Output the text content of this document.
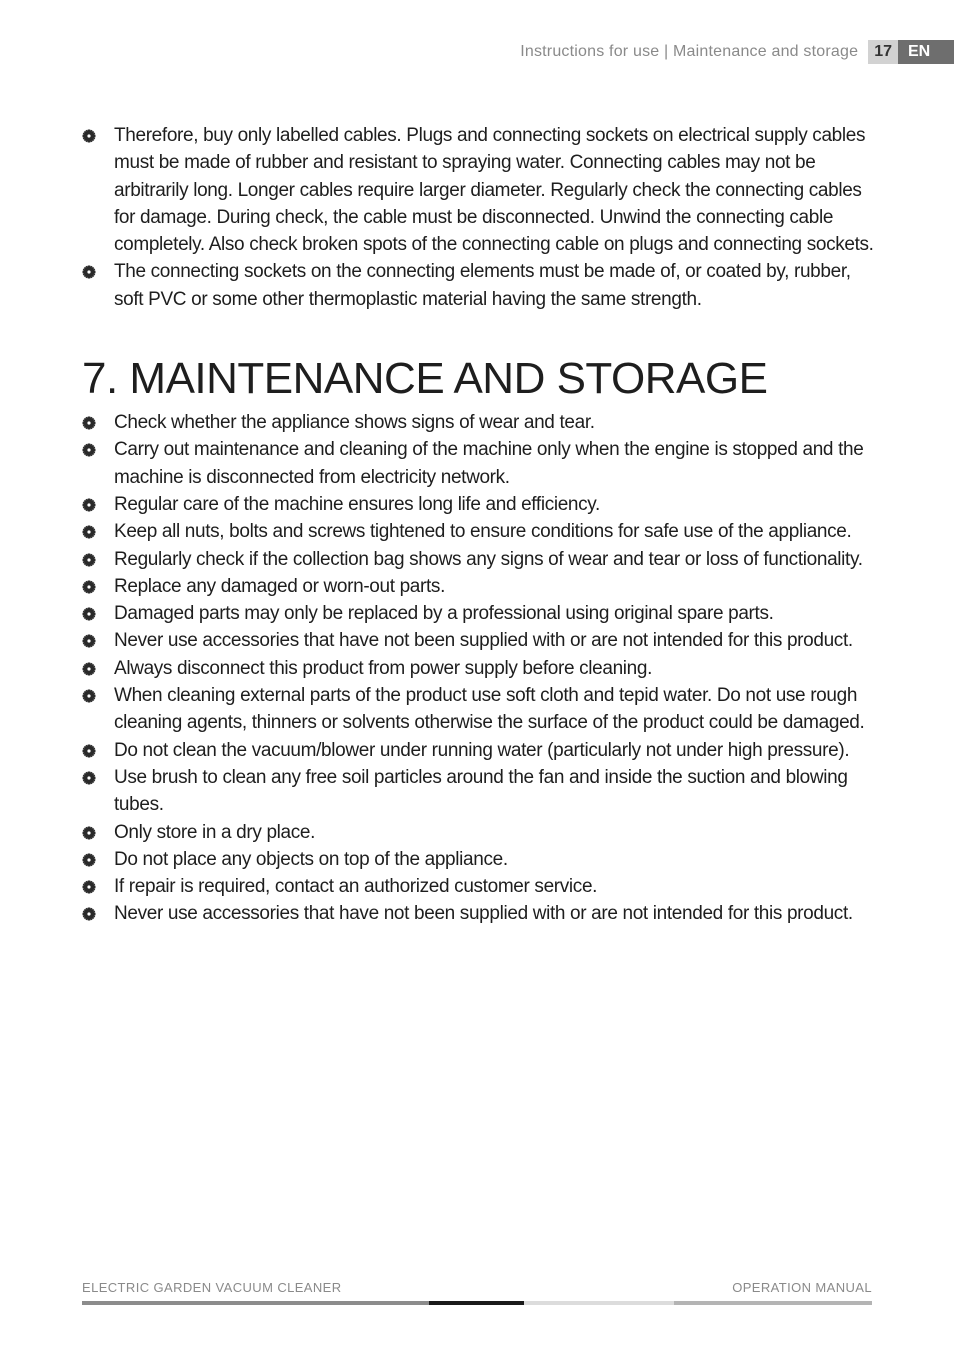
Instructions for use | Maintenance and storage	17	EN
Therefore, buy only labelled cables. Plugs and connecting sockets on electrical supply cables must be made of rubber and resistant to spraying water. Connecting cables may not be arbitrarily long. Longer cables require larger diameter. Regularly check the connecting cables for damage. During check, the cable must be disconnected. Unwind the connecting cable completely. Also check broken spots of the connecting cable on plugs and connecting sockets.
The connecting sockets on the connecting elements must be made of, or coated by, rubber, soft PVC or some other thermoplastic material having the same strength.
7. MAINTENANCE AND STORAGE
Check whether the appliance shows signs of wear and tear.
Carry out maintenance and cleaning of the machine only when the engine is stopped and the machine is disconnected from electricity network.
Regular care of the machine ensures long life and efficiency.
Keep all nuts, bolts and screws tightened to ensure conditions for safe use of the appliance.
Regularly check if the collection bag shows any signs of wear and tear or loss of functionality.
Replace any damaged or worn-out parts.
Damaged parts may only be replaced by a professional using original spare parts.
Never use accessories that have not been supplied with or are not intended for this product.
Always disconnect this product from power supply before cleaning.
When cleaning external parts of the product use soft cloth and tepid water. Do not use rough cleaning agents, thinners or solvents otherwise the surface of the product could be damaged.
Do not clean the vacuum/blower under running water (particularly not under high pressure).
Use brush to clean any free soil particles around the fan and inside the suction and blowing tubes.
Only store in a dry place.
Do not place any objects on top of the appliance.
If repair is required, contact an authorized customer service.
Never use accessories that have not been supplied with or are not intended for this product.
ELECTRIC GARDEN VACUUM CLEANER	OPERATION MANUAL
